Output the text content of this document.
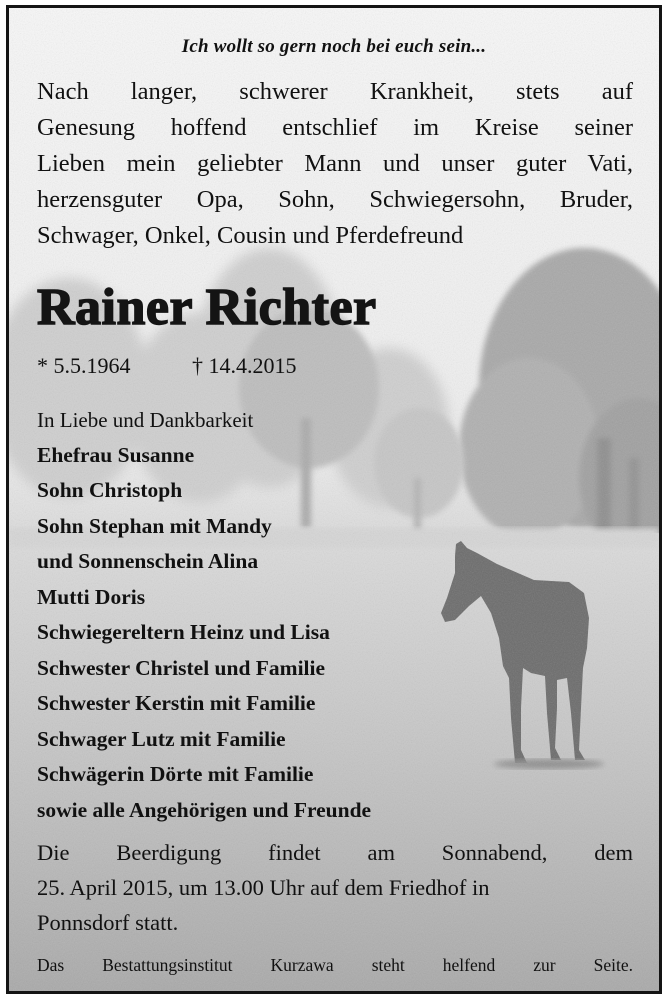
Ich wollt so gern noch bei euch sein...
Nach langer, schwerer Krankheit, stets auf
Genesung hoffend entschlief im Kreise seiner
Lieben mein geliebter Mann und unser guter Vati,
herzensguter Opa, Sohn, Schwiegersohn, Bruder,
Schwager, Onkel, Cousin und Pferdefreund
Rainer Richter
* 5.5.1964	† 14.4.2015
In Liebe und Dankbarkeit
Ehefrau Susanne
Sohn Christoph
Sohn Stephan mit Mandy
und Sonnenschein Alina
Mutti Doris
Schwiegereltern Heinz und Lisa
Schwester Christel und Familie
Schwester Kerstin mit Familie
Schwager Lutz mit Familie
Schwägerin Dörte mit Familie
sowie alle Angehörigen und Freunde
Die Beerdigung findet am Sonnabend, dem
25. April 2015, um 13.00 Uhr auf dem Friedhof in
Ponnsdorf statt.
Das Bestattungsinstitut Kurzawa steht helfend zur Seite.
